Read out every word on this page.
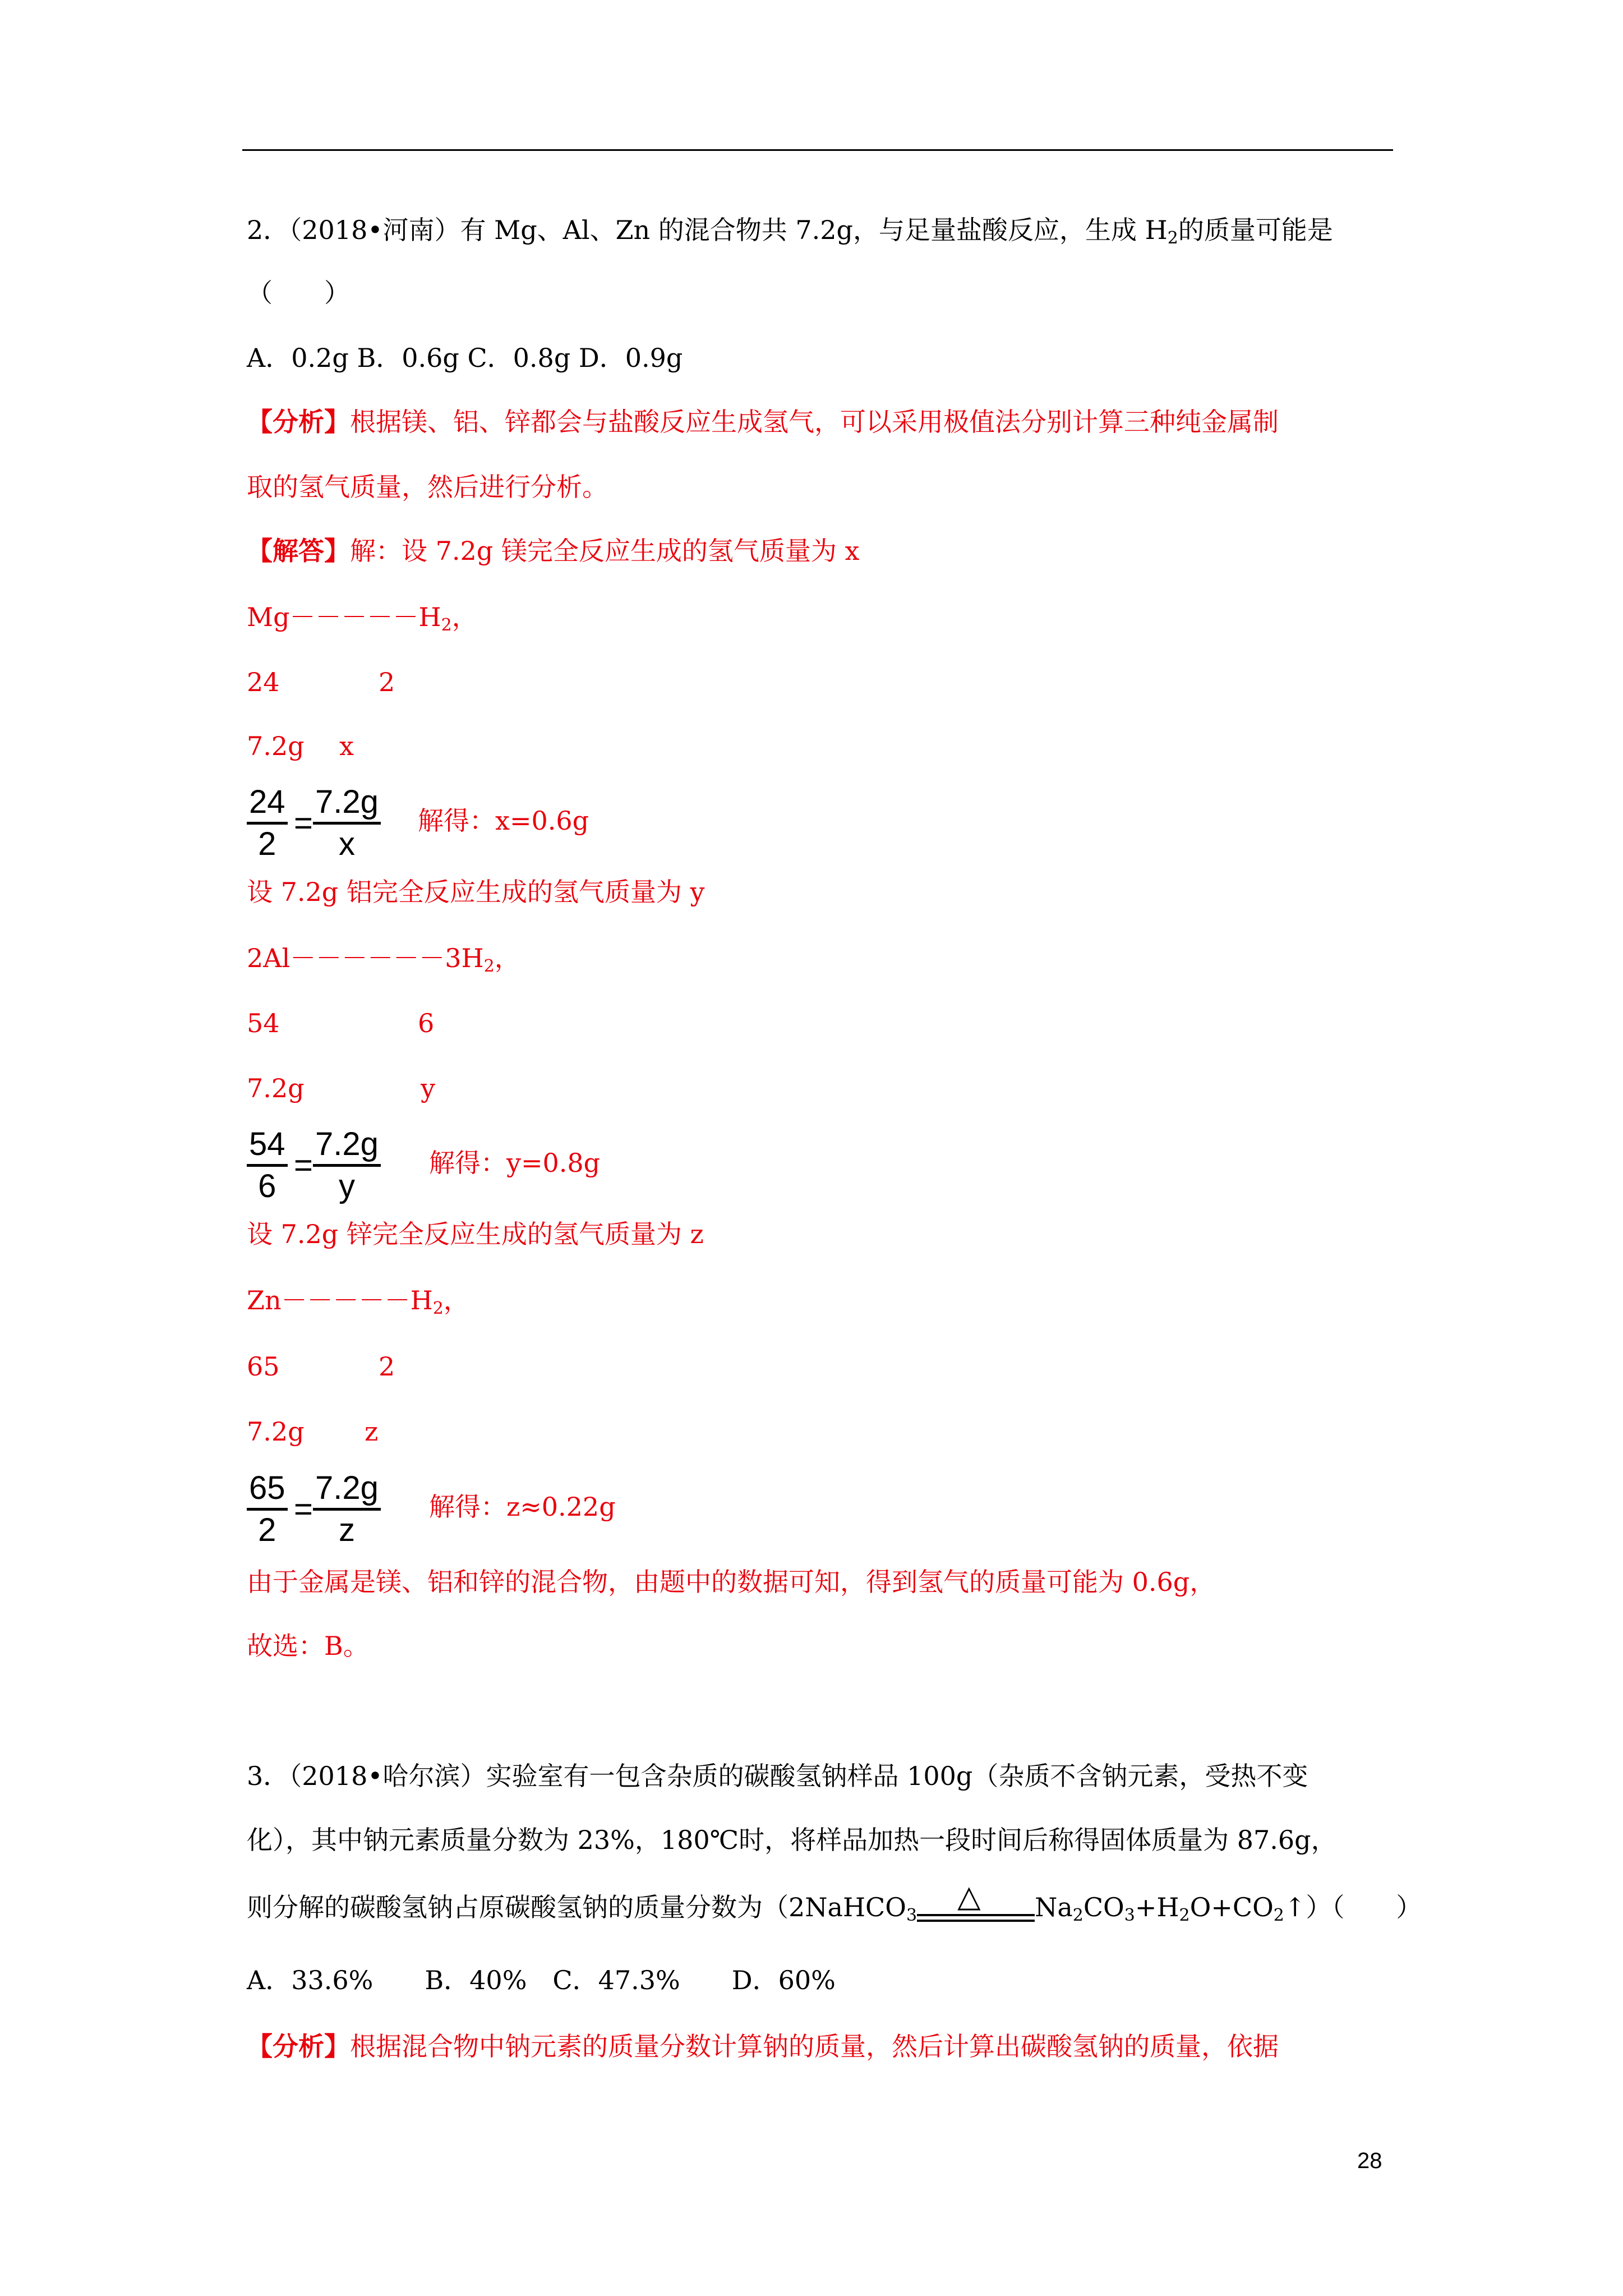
2．（2018•河南）有 Mg、Al、Zn 的混合物共 7.2g，与足量盐酸反应，生成 $H_2$的质量可能是
（　　）
A．0.2g B．0.6g C．0.8g D．0.9g
【分析】根据镁、铝、锌都会与盐酸反应生成氢气，可以采用极值法分别计算三种纯金属制
取的氢气质量，然后进行分析。
【解答】解：设 7.2g 镁完全反应生成的氢气质量为 x
$Mg-----H_2$，
24	2
7.2g x
24
2
=
7.2g
x
解得：x=0.6g
设 7.2g 铝完全反应生成的氢气质量为 y
$2Al------3H_2$，
54	6
7.2g	y
54
6
=
7.2g
y
解得：y=0.8g
设 7.2g 锌完全反应生成的氢气质量为 z
$Zn-----H_2$，
65	2
7.2g z
65
2
=
7.2g
z
解得：z≈0.22g
由于金属是镁、铝和锌的混合物，由题中的数据可知，得到氢气的质量可能为 0.6g，
故选：B。
3．（2018•哈尔滨）实验室有一包含杂质的碳酸氢钠样品 100g（杂质不含钠元素，受热不变
化），其中钠元素质量分数为 23%，180℃时，将样品加热一段时间后称得固体质量为 87.6g，
则分解的碳酸氢钠占原碳酸氢钠的质量分数为（2NaHCO$_3$
△ $Na_2CO_3+H_2O+CO_2↑$）（　　）
A．33.6%　　B．40%　C．47.3%　　D．60%
【分析】根据混合物中钠元素的质量分数计算钠的质量，然后计算出碳酸氢钠的质量，依据
28
